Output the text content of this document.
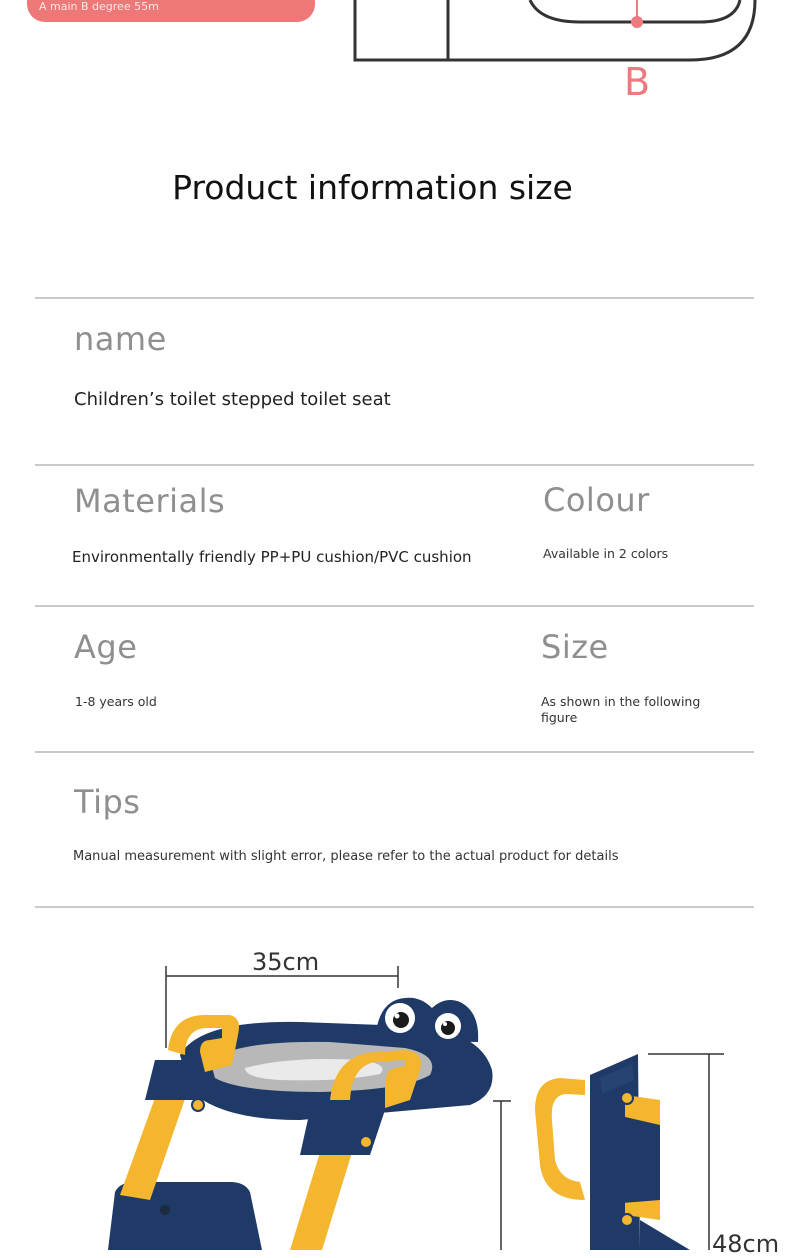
A main B degree 55m
B
Product information size
name
Children’s toilet stepped toilet seat
Materials
Environmentally friendly PP+PU cushion/PVC cushion
Colour
Available in 2 colors
Age
1-8 years old
Size
As shown in the following
figure
Tips
Manual measurement with slight error, please refer to the actual product for details
35cm
48cm
